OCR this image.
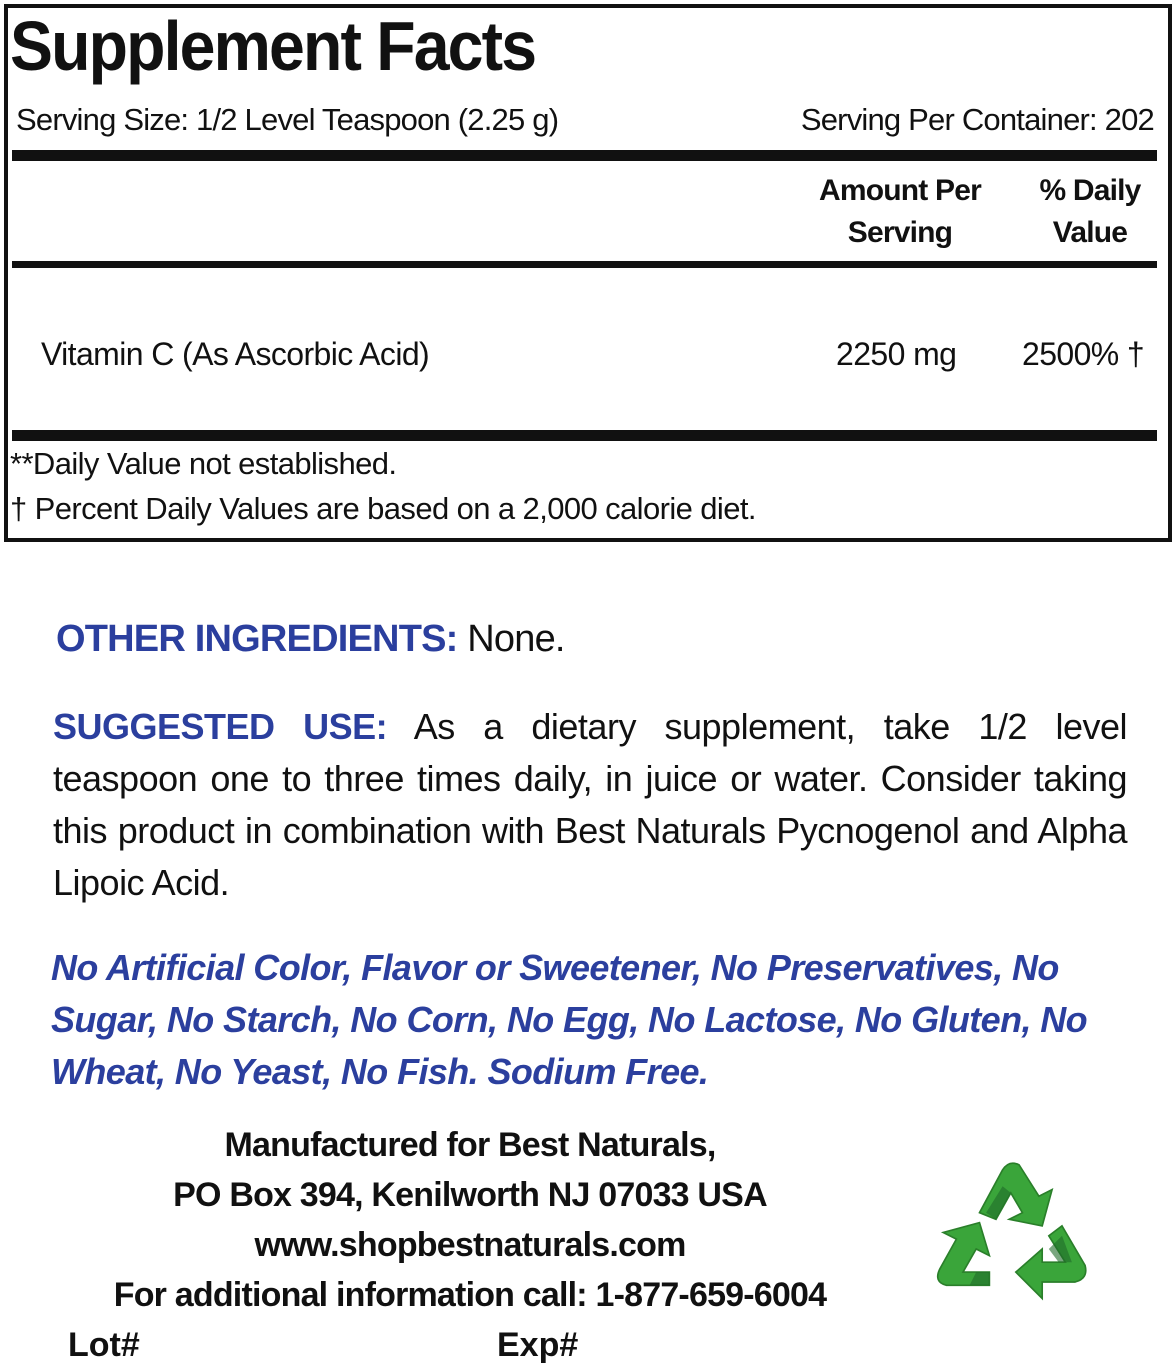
Supplement Facts
Serving Size: 1/2 Level Teaspoon (2.25 g)	Serving Per Container: 202
Amount Per
Serving
% Daily
Value
Vitamin C (As Ascorbic Acid)	2250 mg 2500% †
**Daily Value not established.
† Percent Daily Values are based on a 2,000 calorie diet.
OTHER INGREDIENTS: None.
SUGGESTED USE: As a dietary supplement, take 1/2 level teaspoon one to three times daily, in juice or water. Consider taking this product in combination with Best Naturals Pycnogenol and Alpha Lipoic Acid.
No Artificial Color, Flavor or Sweetener, No Preservatives, No Sugar, No Starch, No Corn, No Egg, No Lactose, No Gluten, No Wheat, No Yeast, No Fish. Sodium Free.
Manufactured for Best Naturals,
PO Box 394, Kenilworth NJ 07033 USA
www.shopbestnaturals.com
For additional information call: 1-877-659-6004
Lot#	Exp#
